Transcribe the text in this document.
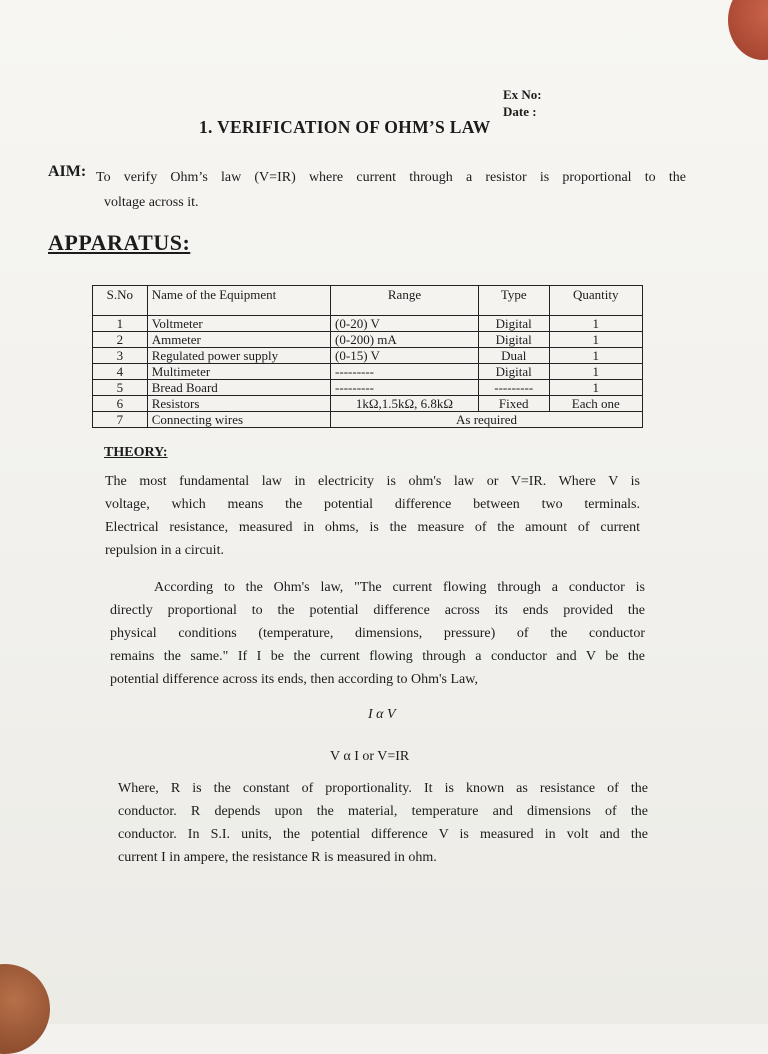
Ex No:
Date :
1. VERIFICATION OF OHM’S LAW
AIM: To verify Ohm’s law (V=IR) where current through a resistor is proportional to the
voltage across it.
APPARATUS:
S.No	Name of the Equipment	Range	Type	Quantity
1	Voltmeter	(0-20) V	Digital	1
2	Ammeter	(0-200) mA	Digital	1
3	Regulated power supply	(0-15) V	Dual	1
4	Multimeter	---------	Digital	1
5	Bread Board	---------	---------	1
6	Resistors	1kΩ,1.5kΩ, 6.8kΩ	Fixed	Each one
7	Connecting wires	As required		
THEORY:
The most fundamental law in electricity is ohm's law or V=IR. Where V is
voltage, which means the potential difference between two terminals.
Electrical resistance, measured in ohms, is the measure of the amount of current
repulsion in a circuit.
According to the Ohm's law, "The current flowing through a conductor is
directly proportional to the potential difference across its ends provided the
physical conditions (temperature, dimensions, pressure) of the conductor
remains the same." If I be the current flowing through a conductor and V be the
potential difference across its ends, then according to Ohm's Law,
I α V
V α I or V=IR
Where, R is the constant of proportionality. It is known as resistance of the
conductor. R depends upon the material, temperature and dimensions of the
conductor. In S.I. units, the potential difference V is measured in volt and the
current I in ampere, the resistance R is measured in ohm.
